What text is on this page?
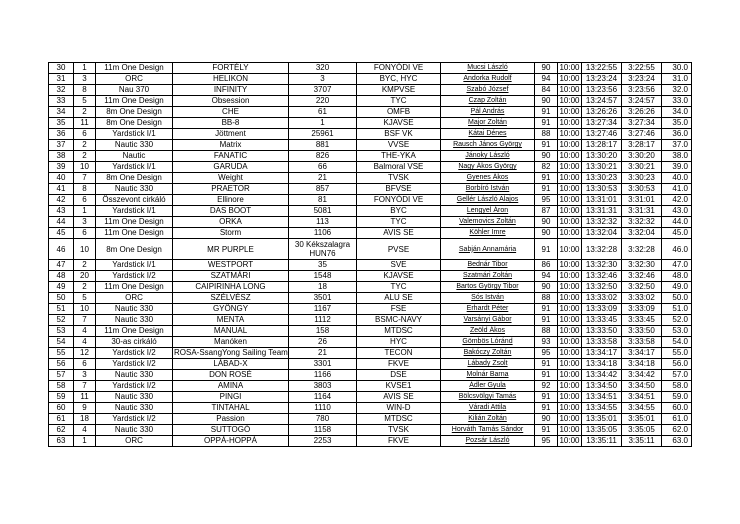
30	1	11m One Design	FORTÉLY	320	FONYÓDI VE	Mucsi László	90	10:00	13:22:55	3:22:55	30.0
31	3	ORC	HELIKON	3	BYC, HYC	Andorka Rudolf	94	10:00	13:23:24	3:23:24	31.0
32	8	Nau 370	INFINITY	3707	KMPVSE	Szabó József	84	10:00	13:23:56	3:23:56	32.0
33	5	11m One Design	Obsession	220	TYC	Czap Zoltán	90	10:00	13:24:57	3:24:57	33.0
34	2	8m One Design	CHE	61	OMFB	Pál András	91	10:00	13:26:26	3:26:26	34.0
35	11	8m One Design	BB-8	1	KJAVSE	Major Zoltán	91	10:00	13:27:34	3:27:34	35.0
36	6	Yardstick I/1	Jöttment	25961	BSF VK	Kátai Dénes	88	10:00	13:27:46	3:27:46	36.0
37	2	Nautic 330	Matrix	881	VVSE	Rausch János György	91	10:00	13:28:17	3:28:17	37.0
38	2	Nautic	FANATIC	826	THE-YKA	Jánoky László	90	10:00	13:30:20	3:30:20	38.0
39	10	Yardstick I/1	GARUDA	66	Balmoral VSE	Nagy Ákos György	82	10:00	13:30:21	3:30:21	39.0
40	7	8m One Design	Weight	21	TVSK	Gyenes Ákos	91	10:00	13:30:23	3:30:23	40.0
41	8	Nautic 330	PRAETOR	857	BFVSE	Borbíró István	91	10:00	13:30:53	3:30:53	41.0
42	6	Összevont cirkáló	Ellinore	81	FONYÓDI VE	Gellér László Alajos	95	10:00	13:31:01	3:31:01	42.0
43	1	Yardstick I/1	DAS BOOT	5081	BYC	Lengyel Áron	87	10:00	13:31:31	3:31:31	43.0
44	3	11m One Design	ORKA	113	TYC	Valemovics Zoltán	90	10:00	13:32:32	3:32:32	44.0
45	6	11m One Design	Storm	1106	AVIS SE	Köhler Imre	90	10:00	13:32:04	3:32:04	45.0
46	10	8m One Design	MR PURPLE	30 Kékszalagra HUN76	PVSE	Sabján Annamária	91	10:00	13:32:28	3:32:28	46.0
47	2	Yardstick I/1	WESTPORT	35	SVE	Bednár Tibor	86	10:00	13:32:30	3:32:30	47.0
48	20	Yardstick I/2	SZATMÁRI	1548	KJAVSE	Szatmári Zoltán	94	10:00	13:32:46	3:32:46	48.0
49	2	11m One Design	CAIPIRINHA LONG	18	TYC	Bartos György Tibor	90	10:00	13:32:50	3:32:50	49.0
50	5	ORC	SZÉLVÉSZ	3501	ALU SE	Sós István	88	10:00	13:33:02	3:33:02	50.0
51	10	Nautic 330	GYÖNGY	1167	FSE	Erhardt Péter	91	10:00	13:33:09	3:33:09	51.0
52	7	Nautic 330	MENTA	1112	BSMC-NAVY	Varsányi Gábor	91	10:00	13:33:45	3:33:45	52.0
53	4	11m One Design	MANUAL	158	MTDSC	Zeöld Ákos	88	10:00	13:33:50	3:33:50	53.0
54	4	30-as cirkáló	Manóken	26	HYC	Gömbös Lóránd	93	10:00	13:33:58	3:33:58	54.0
55	12	Yardstick I/2	ROSA-SsangYong Sailing Team	21	TECON	Bakóczy Zoltán	95	10:00	13:34:17	3:34:17	55.0
56	6	Yardstick I/2	LÁBAD-X	3301	FKVE	Lábady Zsolt	91	10:00	13:34:18	3:34:18	56.0
57	3	Nautic 330	DON ROSÉ	1166	DSE	Molnár Barna	91	10:00	13:34:42	3:34:42	57.0
58	7	Yardstick I/2	AMINA	3803	KVSE1	Ádler Gyula	92	10:00	13:34:50	3:34:50	58.0
59	11	Nautic 330	PINGI	1164	AVIS SE	Bölcsvölgyi Tamás	91	10:00	13:34:51	3:34:51	59.0
60	9	Nautic 330	TINTAHAL	1110	WIN-D	Váradi Attila	91	10:00	13:34:55	3:34:55	60.0
61	18	Yardstick I/2	Passion	780	MTDSC	Kilián Zoltán	90	10:00	13:35:01	3:35:01	61.0
62	4	Nautic 330	SUTTOGÓ	1158	TVSK	Horváth Tamás Sándor	91	10:00	13:35:05	3:35:05	62.0
63	1	ORC	OPPÁ-HOPPÁ	2253	FKVE	Pozsár László	95	10:00	13:35:11	3:35:11	63.0
